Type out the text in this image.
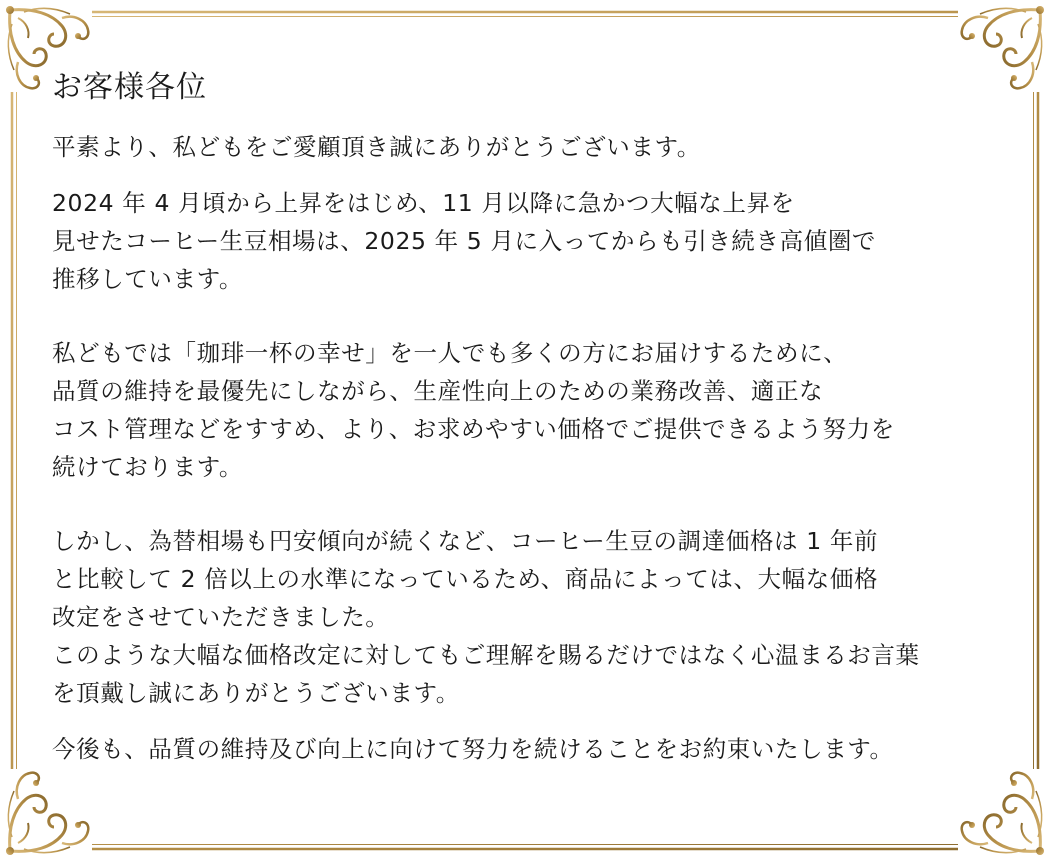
お客様各位

平素より、私どもをご愛顧頂き誠にありがとうございます。

2024 年 4 月頃から上昇をはじめ、11 月以降に急かつ大幅な上昇を
見せたコーヒー生豆相場は、2025 年 5 月に入ってからも引き続き高値圏で
推移しています。

私どもでは「珈琲一杯の幸せ」を一人でも多くの方にお届けするために、
品質の維持を最優先にしながら、生産性向上のための業務改善、適正な
コスト管理などをすすめ、より、お求めやすい価格でご提供できるよう努力を
続けております。

しかし、為替相場も円安傾向が続くなど、コーヒー生豆の調達価格は 1 年前
と比較して 2 倍以上の水準になっているため、商品によっては、大幅な価格
改定をさせていただきました。
このような大幅な価格改定に対してもご理解を賜るだけではなく心温まるお言葉
を頂戴し誠にありがとうございます。

今後も、品質の維持及び向上に向けて努力を続けることをお約束いたします。
